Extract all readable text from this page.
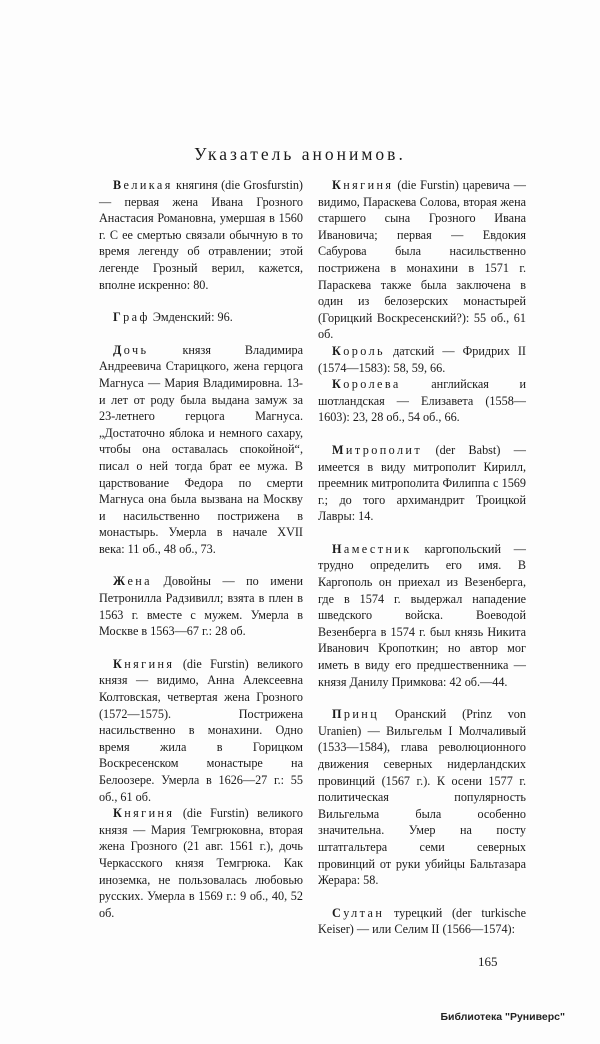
Указатель анонимов.
Великая княгиня (die Grosfurstin) — первая жена Ивана Грозного Анастасия Романовна, умершая в 1560 г. С ее смертью связали обычную в то время легенду об отравлении; этой легенде Грозный верил, кажется, вполне искренно: 80.
Граф Эмденский: 96.
Дочь князя Владимира Андреевича Старицкого, жена герцога Магнуса — Мария Владимировна. 13-и лет от роду была выдана замуж за 23-летнего герцога Магнуса. „Достаточно яблока и немного сахару, чтобы она оставалась спокойной“, писал о ней тогда брат ее мужа. В царствование Федора по смерти Магнуса она была вызвана на Москву и насильственно пострижена в монастырь. Умерла в начале XVII века: 11 об., 48 об., 73.
Жена Довойны — по имени Петронилла Радзивилл; взята в плен в 1563 г. вместе с мужем. Умерла в Москве в 1563—67 г.: 28 об.
Княгиня (die Furstin) великого князя — видимо, Анна Алексеевна Колтовская, четвертая жена Грозного (1572—1575). Пострижена насильственно в монахини. Одно время жила в Горицком Воскресенском монастыре на Белоозере. Умерла в 1626—27 г.: 55 об., 61 об.
Княгиня (die Furstin) великого князя — Мария Темгрюковна, вторая жена Грозного (21 авг. 1561 г.), дочь Черкасского князя Темгрюка. Как иноземка, не пользовалась любовью русских. Умерла в 1569 г.: 9 об., 40, 52 об.
Княгиня (die Furstin) царевича — видимо, Параскева Солова, вторая жена старшего сына Грозного Ивана Ивановича; первая — Евдокия Сабурова была насильственно пострижена в монахини в 1571 г. Параскева также была заключена в один из белозерских монастырей (Горицкий Воскресенский?): 55 об., 61 об.
Король датский — Фридрих II (1574—1583): 58, 59, 66.
Королева английская и шотландская — Елизавета (1558—1603): 23, 28 об., 54 об., 66.
Митрополит (der Babst) — имеется в виду митрополит Кирилл, преемник митрополита Филиппа с 1569 г.; до того архимандрит Троицкой Лавры: 14.
Наместник каргопольский — трудно определить его имя. В Каргополь он приехал из Везенберга, где в 1574 г. выдержал нападение шведского войска. Воеводой Везенберга в 1574 г. был князь Никита Иванович Кропоткин; но автор мог иметь в виду его предшественника — князя Данилу Примкова: 42 об.—44.
Принц Оранский (Prinz von Uranien) — Вильгельм I Молчаливый (1533—1584), глава революционного движения северных нидерландских провинций (1567 г.). К осени 1577 г. политическая популярность Вильгельма была особенно значительна. Умер на посту штатгальтера семи северных провинций от руки убийцы Бальтазара Жерара: 58.
Султан турецкий (der turkische Keiser) — или Селим II (1566—1574):
165
Библиотека "Руниверс"
